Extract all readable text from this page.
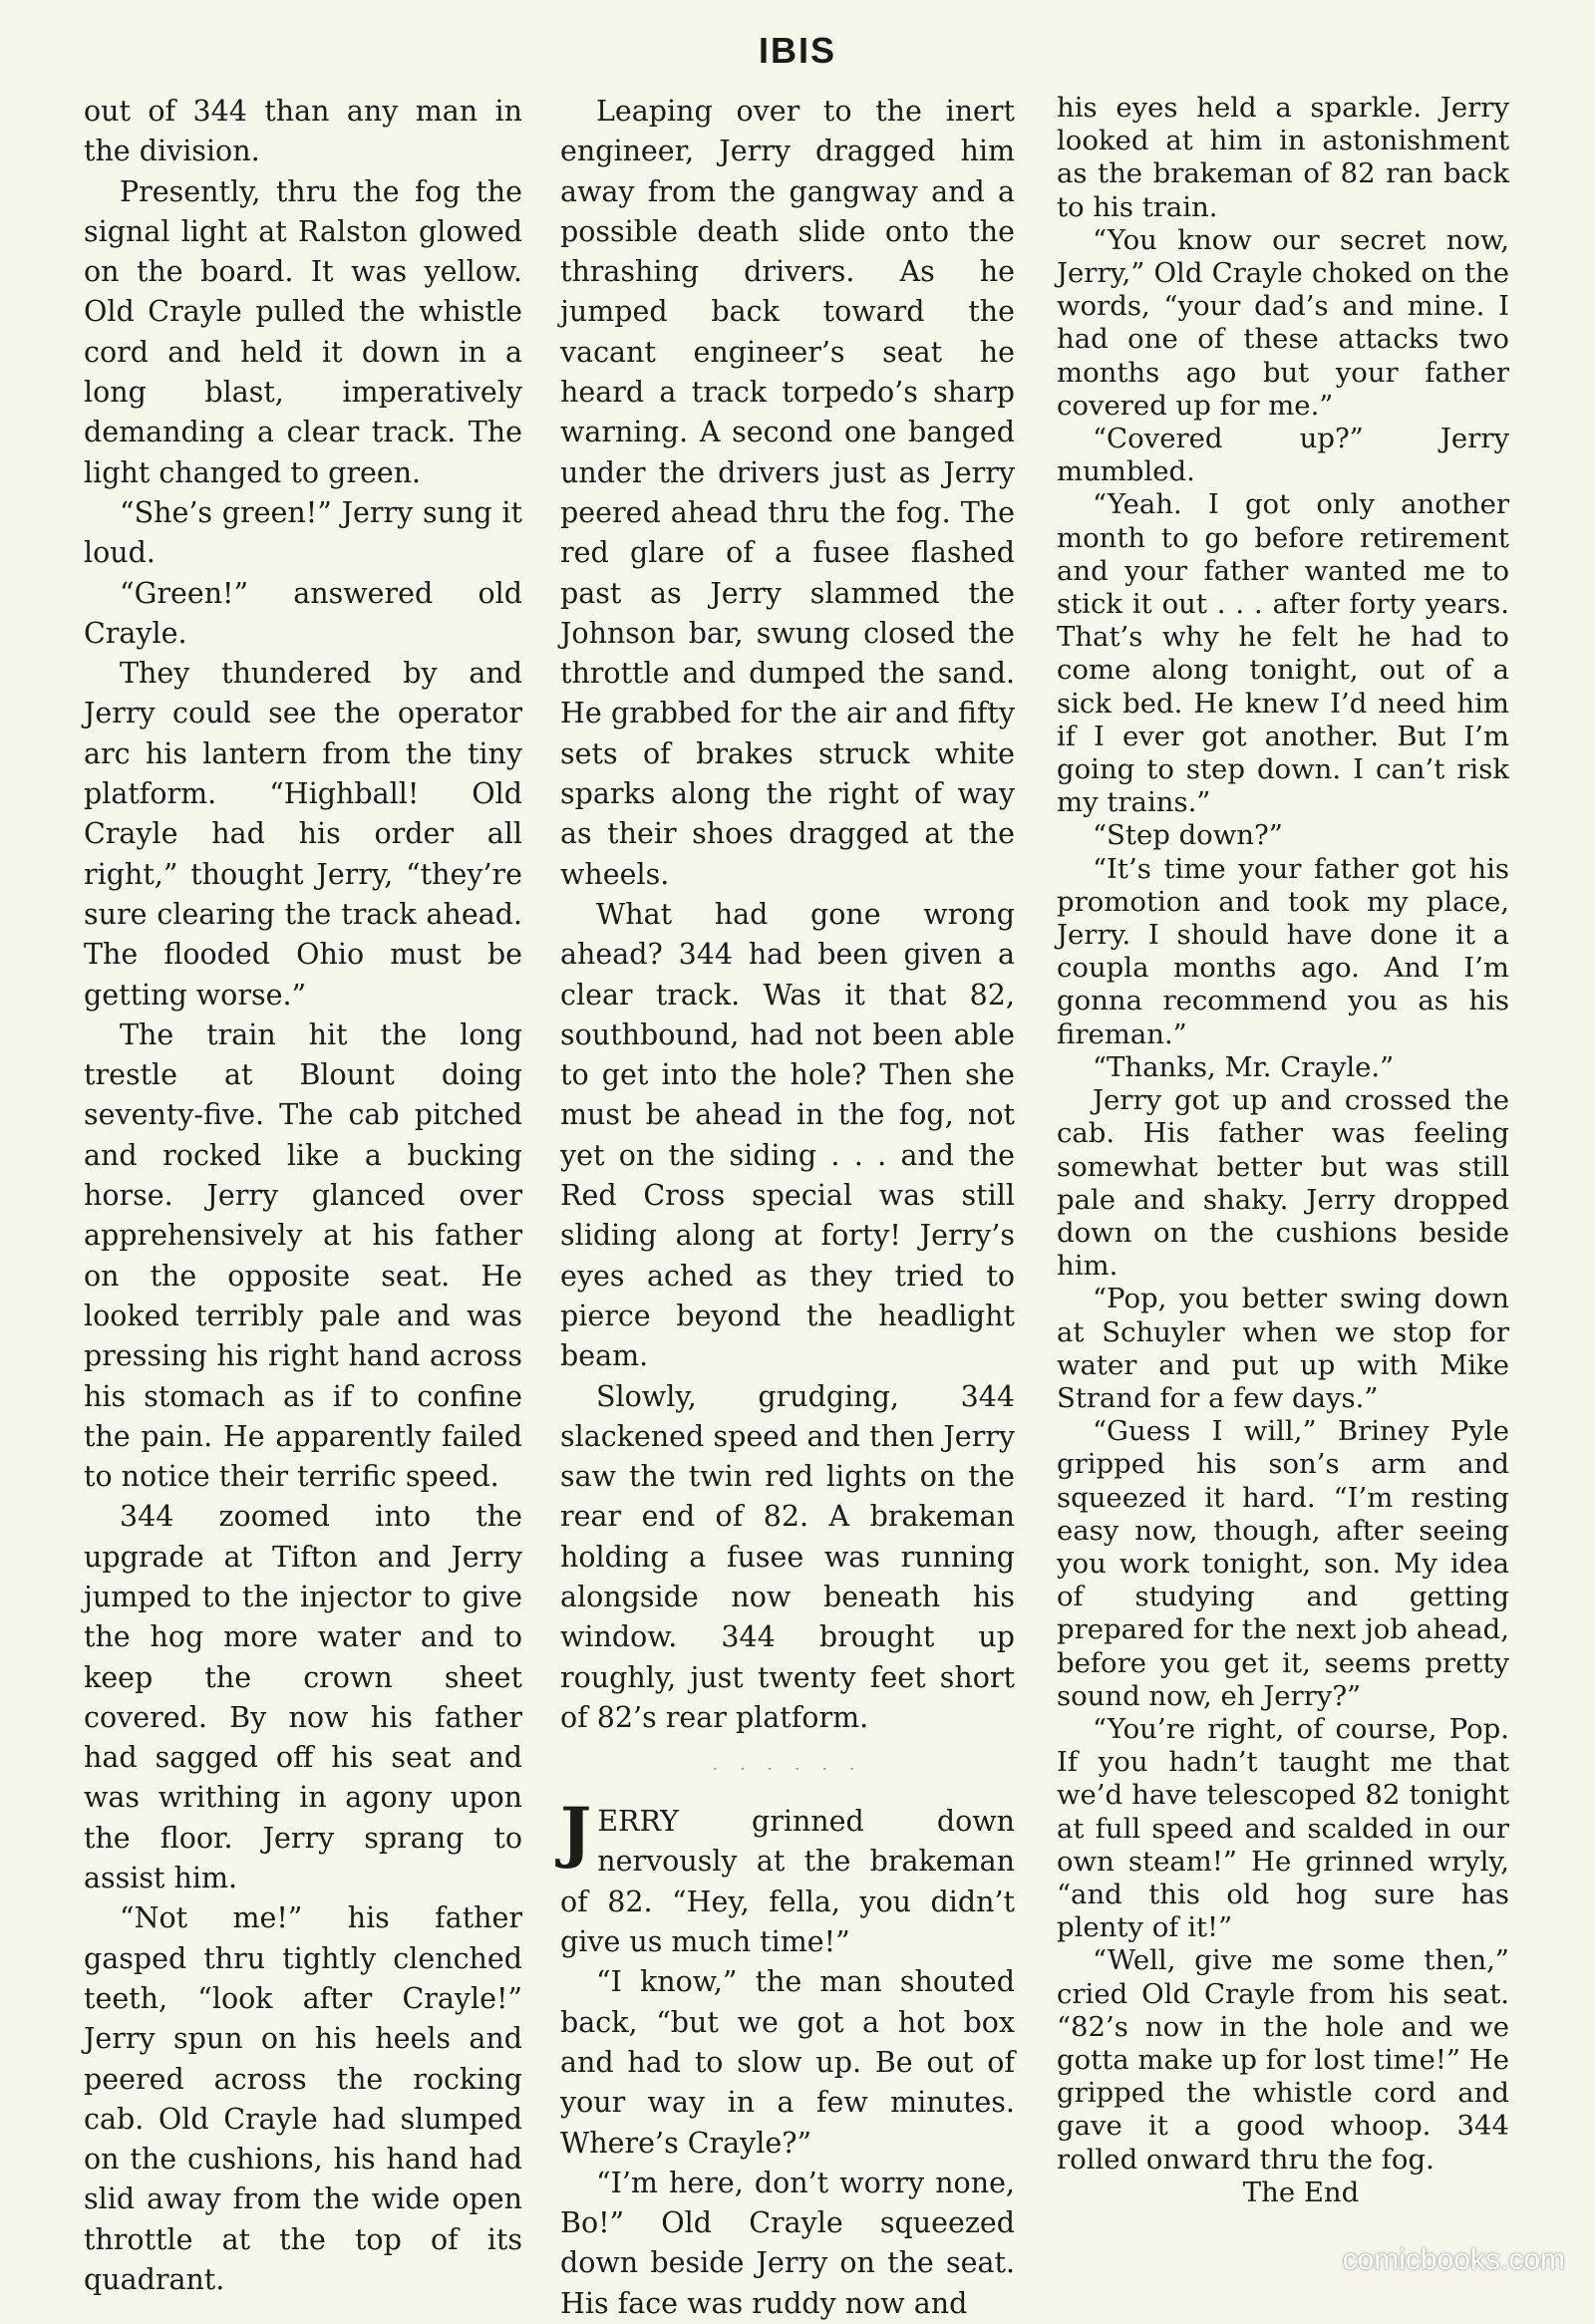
IBIS

out of 344 than any man in the division.

Presently, thru the fog the signal light at Ralston glowed on the board. It was yellow. Old Crayle pulled the whistle cord and held it down in a long blast, imperatively demanding a clear track. The light changed to green.

“She’s green!” Jerry sung it loud.

“Green!” answered old Crayle.

They thundered by and Jerry could see the operator arc his lantern from the tiny platform. “Highball! Old Crayle had his order all right,” thought Jerry, “they’re sure clearing the track ahead. The flooded Ohio must be getting worse.”

The train hit the long trestle at Blount doing seventy-five. The cab pitched and rocked like a bucking horse. Jerry glanced over apprehensively at his father on the opposite seat. He looked terribly pale and was pressing his right hand across his stomach as if to confine the pain. He apparently failed to notice their terrific speed.

344 zoomed into the upgrade at Tifton and Jerry jumped to the injector to give the hog more water and to keep the crown sheet covered. By now his father had sagged off his seat and was writhing in agony upon the floor. Jerry sprang to assist him.

“Not me!” his father gasped thru tightly clenched teeth, “look after Crayle!” Jerry spun on his heels and peered across the rocking cab. Old Crayle had slumped on the cushions, his hand had slid away from the wide open throttle at the top of its quadrant.

Leaping over to the inert engineer, Jerry dragged him away from the gangway and a possible death slide onto the thrashing drivers. As he jumped back toward the vacant engineer’s seat he heard a track torpedo’s sharp warning. A second one banged under the drivers just as Jerry peered ahead thru the fog. The red glare of a fusee flashed past as Jerry slammed the Johnson bar, swung closed the throttle and dumped the sand. He grabbed for the air and fifty sets of brakes struck white sparks along the right of way as their shoes dragged at the wheels.

What had gone wrong ahead? 344 had been given a clear track. Was it that 82, southbound, had not been able to get into the hole? Then she must be ahead in the fog, not yet on the siding . . . and the Red Cross special was still sliding along at forty! Jerry’s eyes ached as they tried to pierce beyond the headlight beam.

Slowly, grudging, 344 slackened speed and then Jerry saw the twin red lights on the rear end of 82. A brakeman holding a fusee was running alongside now beneath his window. 344 brought up roughly, just twenty feet short of 82’s rear platform.

· · · · · ·

JERRY grinned down nervously at the brakeman of 82. “Hey, fella, you didn’t give us much time!”

“I know,” the man shouted back, “but we got a hot box and had to slow up. Be out of your way in a few minutes. Where’s Crayle?”

“I’m here, don’t worry none, Bo!” Old Crayle squeezed down beside Jerry on the seat. His face was ruddy now and

his eyes held a sparkle. Jerry looked at him in astonishment as the brakeman of 82 ran back to his train.

“You know our secret now, Jerry,” Old Crayle choked on the words, “your dad’s and mine. I had one of these attacks two months ago but your father covered up for me.”

“Covered up?” Jerry mumbled.

“Yeah. I got only another month to go before retirement and your father wanted me to stick it out . . . after forty years. That’s why he felt he had to come along tonight, out of a sick bed. He knew I’d need him if I ever got another. But I’m going to step down. I can’t risk my trains.”

“Step down?”

“It’s time your father got his promotion and took my place, Jerry. I should have done it a coupla months ago. And I’m gonna recommend you as his fireman.”

“Thanks, Mr. Crayle.”

Jerry got up and crossed the cab. His father was feeling somewhat better but was still pale and shaky. Jerry dropped down on the cushions beside him.

“Pop, you better swing down at Schuyler when we stop for water and put up with Mike Strand for a few days.”

“Guess I will,” Briney Pyle gripped his son’s arm and squeezed it hard. “I’m resting easy now, though, after seeing you work tonight, son. My idea of studying and getting prepared for the next job ahead, before you get it, seems pretty sound now, eh Jerry?”

“You’re right, of course, Pop. If you hadn’t taught me that we’d have telescoped 82 tonight at full speed and scalded in our own steam!” He grinned wryly, “and this old hog sure has plenty of it!”

“Well, give me some then,” cried Old Crayle from his seat. “82’s now in the hole and we gotta make up for lost time!” He gripped the whistle cord and gave it a good whoop. 344 rolled onward thru the fog.

The End

comicbooks.com
